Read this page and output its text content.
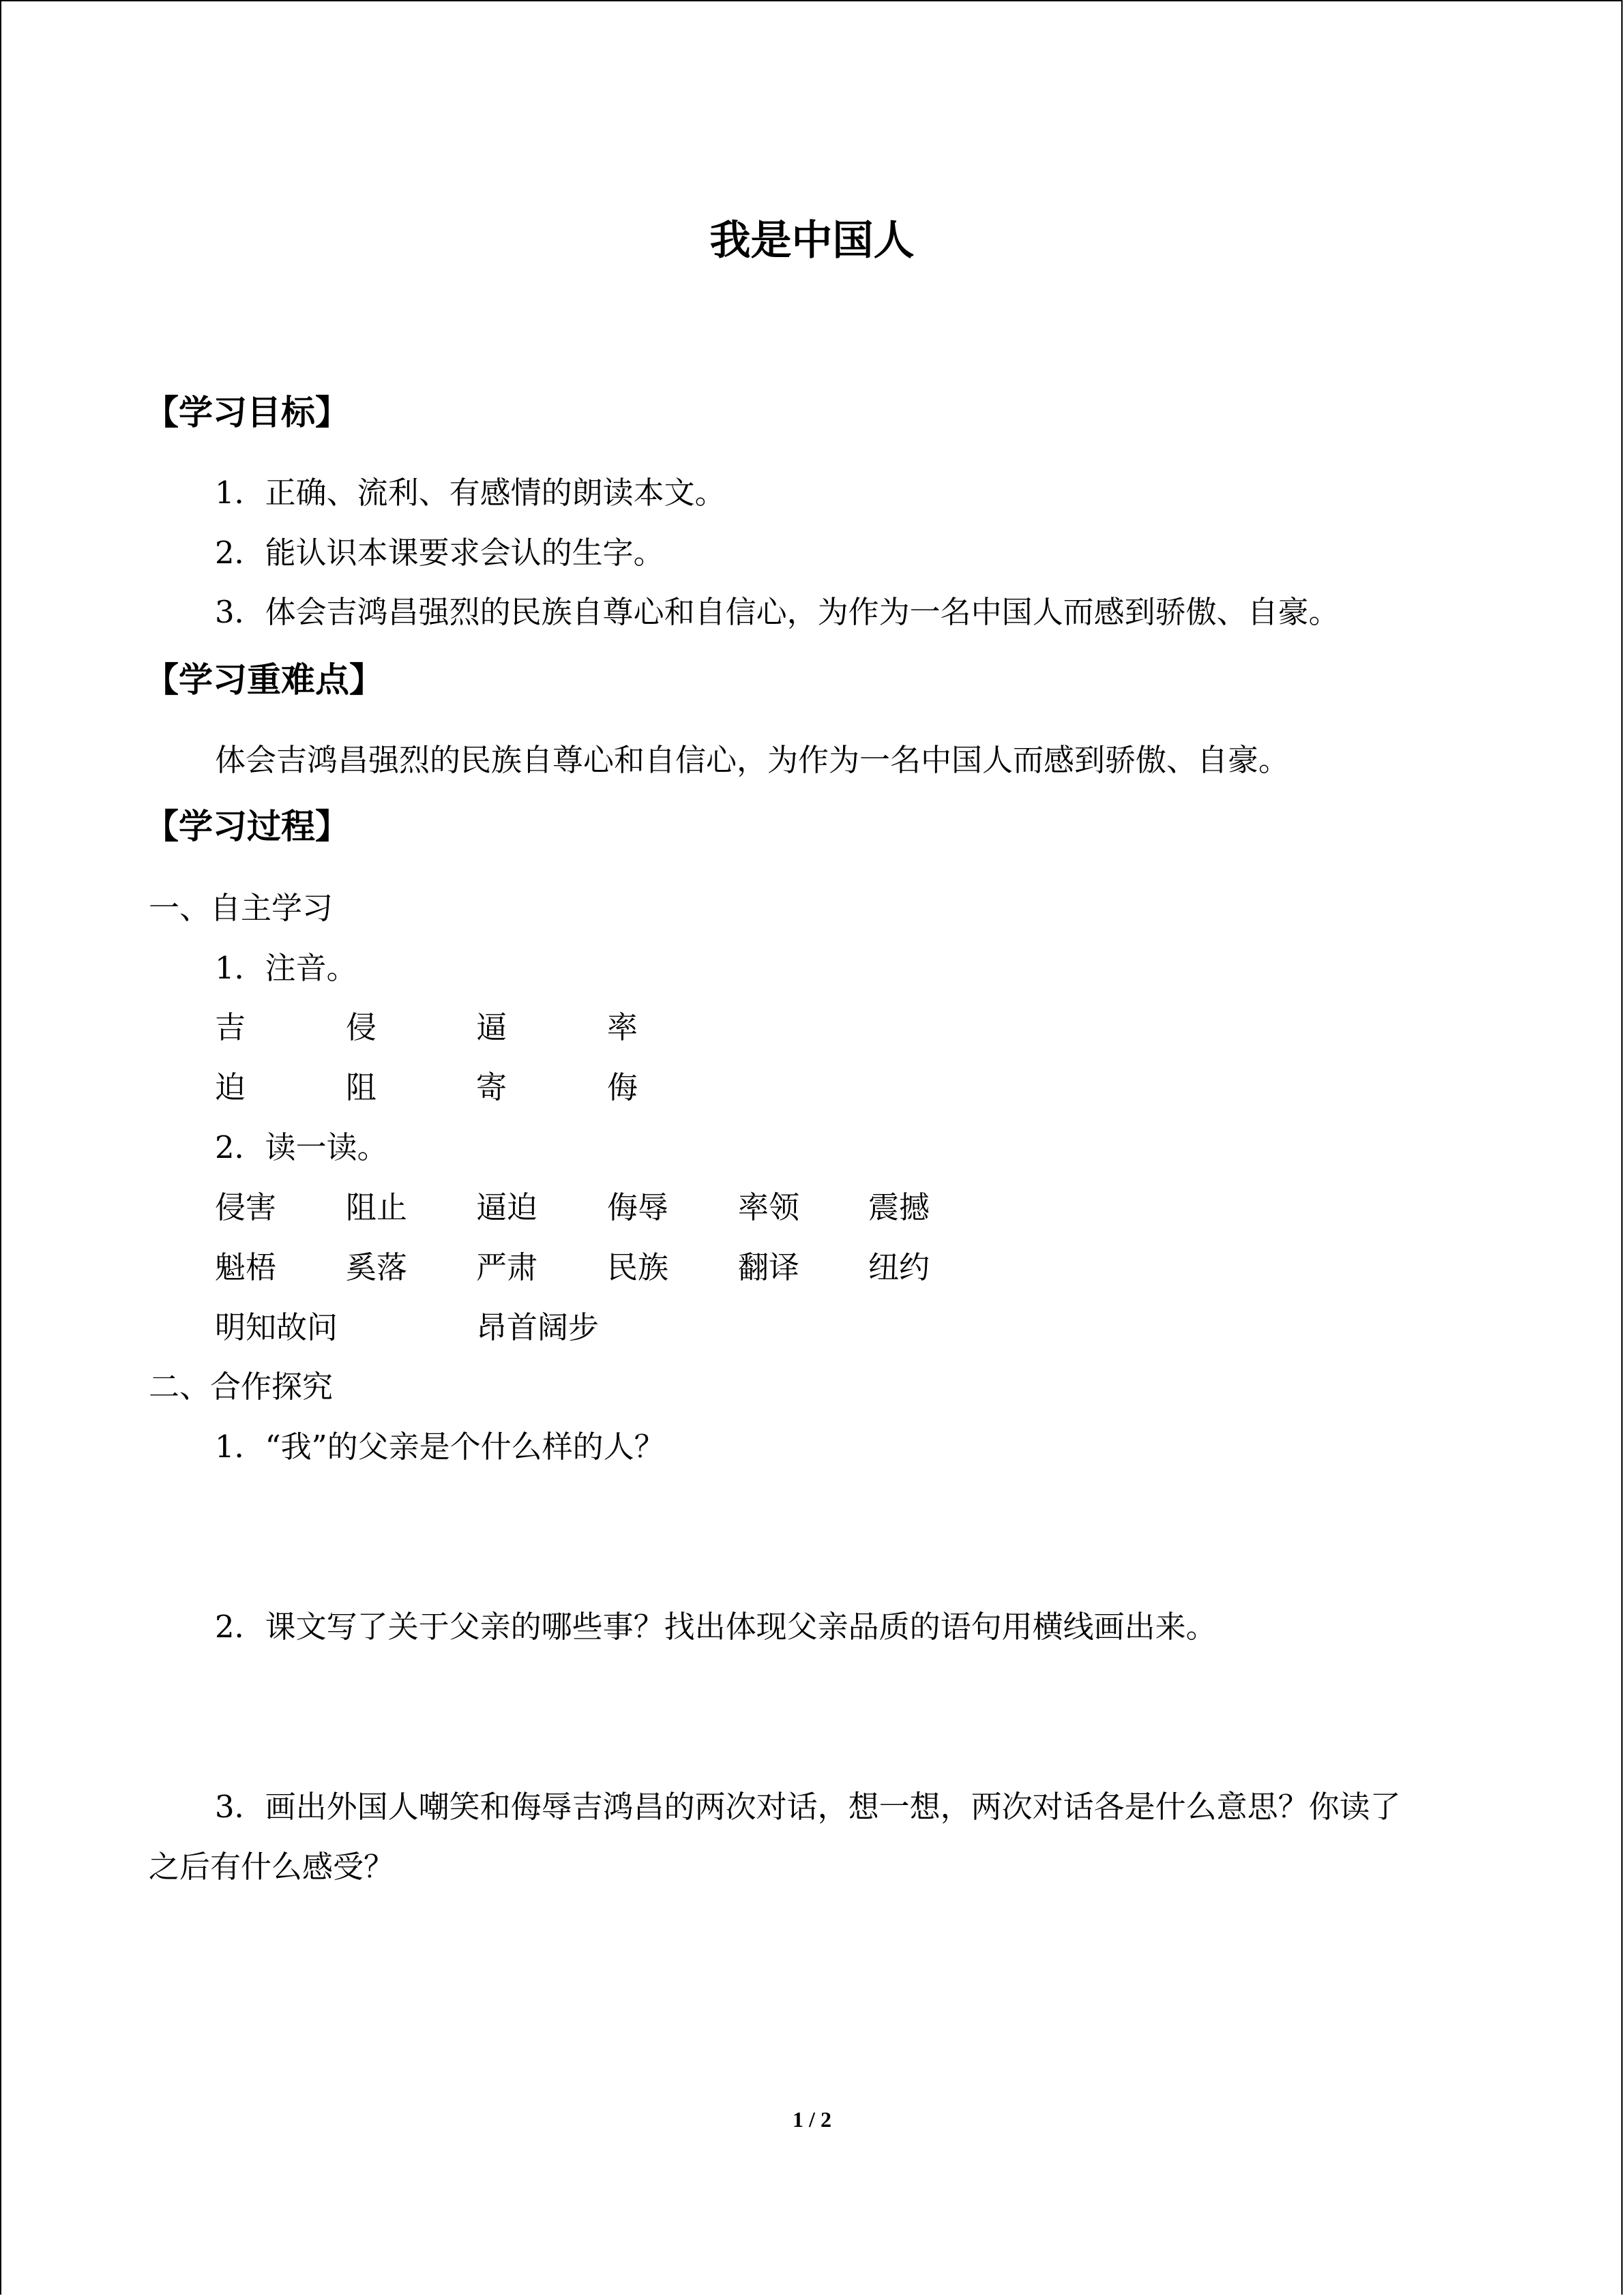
我是中国人
【学习目标】
1．正确、流利、有感情的朗读本文。
2．能认识本课要求会认的生字。
3．体会吉鸿昌强烈的民族自尊心和自信心，为作为一名中国人而感到骄傲、自豪。
【学习重难点】
体会吉鸿昌强烈的民族自尊心和自信心，为作为一名中国人而感到骄傲、自豪。
【学习过程】
一、自主学习
1．注音。
吉	侵	逼	率
迫	阻	寄	侮
2．读一读。
侵害 阻止 逼迫 侮辱 率领 震撼
魁梧 奚落 严肃 民族 翻译 纽约
明知故问	昂首阔步
二、合作探究
1．“我”的父亲是个什么样的人？
2．课文写了关于父亲的哪些事？找出体现父亲品质的语句用横线画出来。
3．画出外国人嘲笑和侮辱吉鸿昌的两次对话，想一想，两次对话各是什么意思？你读了
之后有什么感受？
1 / 2
